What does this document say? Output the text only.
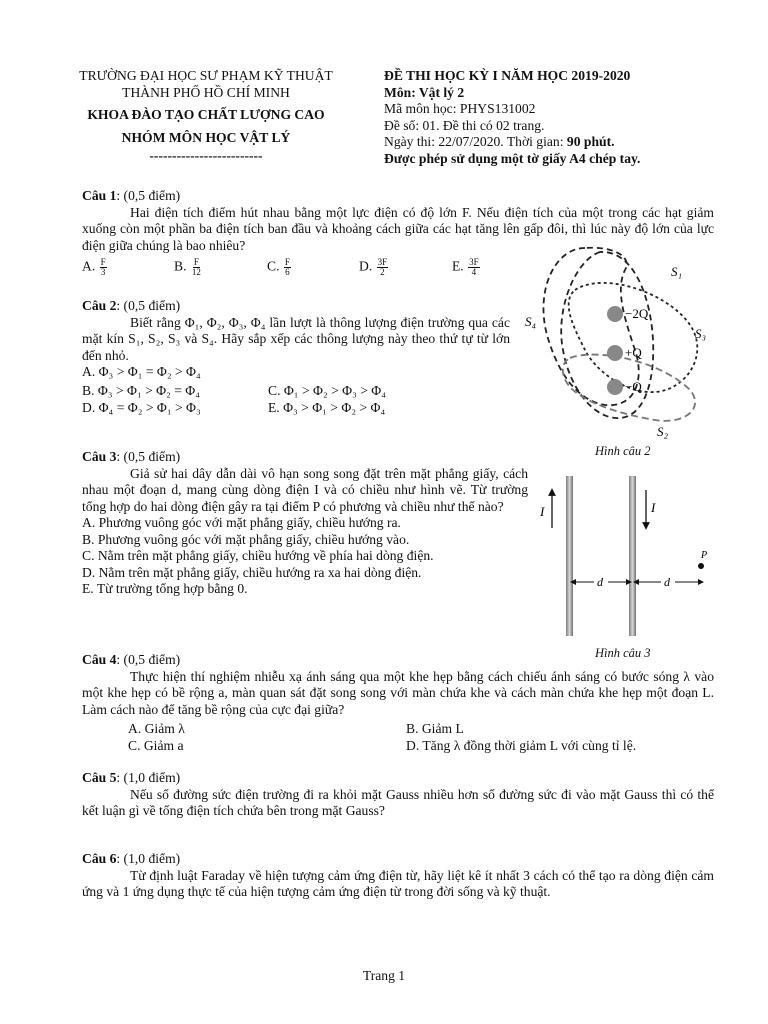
TRƯỜNG ĐẠI HỌC SƯ PHẠM KỸ THUẬT
THÀNH PHỐ HỒ CHÍ MINH
KHOA ĐÀO TẠO CHẤT LƯỢNG CAO
NHÓM MÔN HỌC VẬT LÝ
-------------------------
ĐỀ THI HỌC KỲ I NĂM HỌC 2019-2020
Môn: Vật lý 2
Mã môn học: PHYS131002
Đề số: 01. Đề thi có 02 trang.
Ngày thi: 22/07/2020. Thời gian: 90 phút.
Được phép sử dụng một tờ giấy A4 chép tay.
Câu 1: (0,5 điểm)
Hai điện tích điểm hút nhau bằng một lực điện có độ lớn F. Nếu điện tích của một trong các hạt giảm xuống còn một phần ba điện tích ban đầu và khoảng cách giữa các hạt tăng lên gấp đôi, thì lúc này độ lớn của lực điện giữa chúng là bao nhiêu?
A. $\frac{F}{3}$	B. $\frac{F}{12}$	C. $\frac{F}{6}$	D. $\frac{3F}{2}$	E. $\frac{3F}{4}$
Câu 2: (0,5 điểm)
Biết rằng Φ₁, Φ₂, Φ₃, Φ₄ lần lượt là thông lượng điện trường qua các mặt kín S₁, S₂, S₃ và S₄. Hãy sắp xếp các thông lượng này theo thứ tự từ lớn đến nhỏ.
A. Φ₃ > Φ₁ = Φ₂ > Φ₄
B. Φ₃ > Φ₁ > Φ₂ = Φ₄	C. Φ₁ > Φ₂ > Φ₃ > Φ₄
D. Φ₄ = Φ₂ > Φ₁ > Φ₃	E. Φ₃ > Φ₁ > Φ₂ > Φ₄
−2Q
+Q
−Q
S₁
S₃
S₄
S₂
Hình câu 2
Câu 3: (0,5 điểm)
Giả sử hai dây dẫn dài vô hạn song song đặt trên mặt phẳng giấy, cách nhau một đoạn d, mang cùng dòng điện I và có chiều như hình vẽ. Từ trường tổng hợp do hai dòng điện gây ra tại điểm P có phương và chiều như thế nào?
A. Phương vuông góc với mặt phẳng giấy, chiều hướng ra.
B. Phương vuông góc với mặt phẳng giấy, chiều hướng vào.
C. Nằm trên mặt phẳng giấy, chiều hướng về phía hai dòng điện.
D. Nằm trên mặt phẳng giấy, chiều hướng ra xa hai dòng điện.
E. Từ trường tổng hợp bằng 0.
I	I
d	d
P
Hình câu 3
Câu 4: (0,5 điểm)
Thực hiện thí nghiệm nhiễu xạ ánh sáng qua một khe hẹp bằng cách chiếu ánh sáng có bước sóng λ vào một khe hẹp có bề rộng a, màn quan sát đặt song song với màn chứa khe và cách màn chứa khe hẹp một đoạn L. Làm cách nào để tăng bề rộng của cực đại giữa?
A. Giảm λ	B. Giảm L
C. Giảm a	D. Tăng λ đồng thời giảm L với cùng tỉ lệ.
Câu 5: (1,0 điểm)
Nếu số đường sức điện trường đi ra khỏi mặt Gauss nhiều hơn số đường sức đi vào mặt Gauss thì có thể kết luận gì về tổng điện tích chứa bên trong mặt Gauss?
Câu 6: (1,0 điểm)
Từ định luật Faraday về hiện tượng cảm ứng điện từ, hãy liệt kê ít nhất 3 cách có thể tạo ra dòng điện cảm ứng và 1 ứng dụng thực tế của hiện tượng cảm ứng điện từ trong đời sống và kỹ thuật.
Trang 1
